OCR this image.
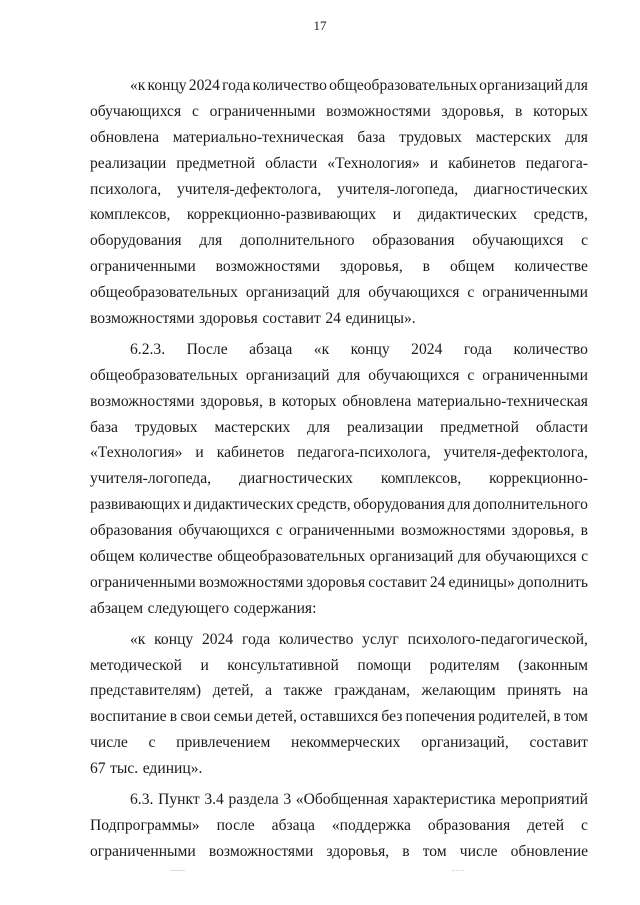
17
«к концу 2024 года количество общеобразовательных организаций для
обучающихся с ограниченными возможностями здоровья, в которых
обновлена материально-техническая база трудовых мастерских для
реализации предметной области «Технология» и кабинетов педагога-
психолога, учителя-дефектолога, учителя-логопеда, диагностических
комплексов, коррекционно-развивающих и дидактических средств,
оборудования для дополнительного образования обучающихся с
ограниченными возможностями здоровья, в общем количестве
общеобразовательных организаций для обучающихся с ограниченными
возможностями здоровья составит 24 единицы».
6.2.3. После абзаца «к концу 2024 года количество
общеобразовательных организаций для обучающихся с ограниченными
возможностями здоровья, в которых обновлена материально-техническая
база трудовых мастерских для реализации предметной области
«Технология» и кабинетов педагога-психолога, учителя-дефектолога,
учителя-логопеда, диагностических комплексов, коррекционно-
развивающих и дидактических средств, оборудования для дополнительного
образования обучающихся с ограниченными возможностями здоровья, в
общем количестве общеобразовательных организаций для обучающихся с
ограниченными возможностями здоровья составит 24 единицы» дополнить
абзацем следующего содержания:
«к концу 2024 года количество услуг психолого-педагогической,
методической и консультативной помощи родителям (законным
представителям) детей, а также гражданам, желающим принять на
воспитание в свои семьи детей, оставшихся без попечения родителей, в том
числе с привлечением некоммерческих организаций, составит
67 тыс. единиц».
6.3. Пункт 3.4 раздела 3 «Обобщенная характеристика мероприятий
Подпрограммы» после абзаца «поддержка образования детей с
ограниченными возможностями здоровья, в том числе обновление
‒‒‒‒‒	‒ ‒ ‒
